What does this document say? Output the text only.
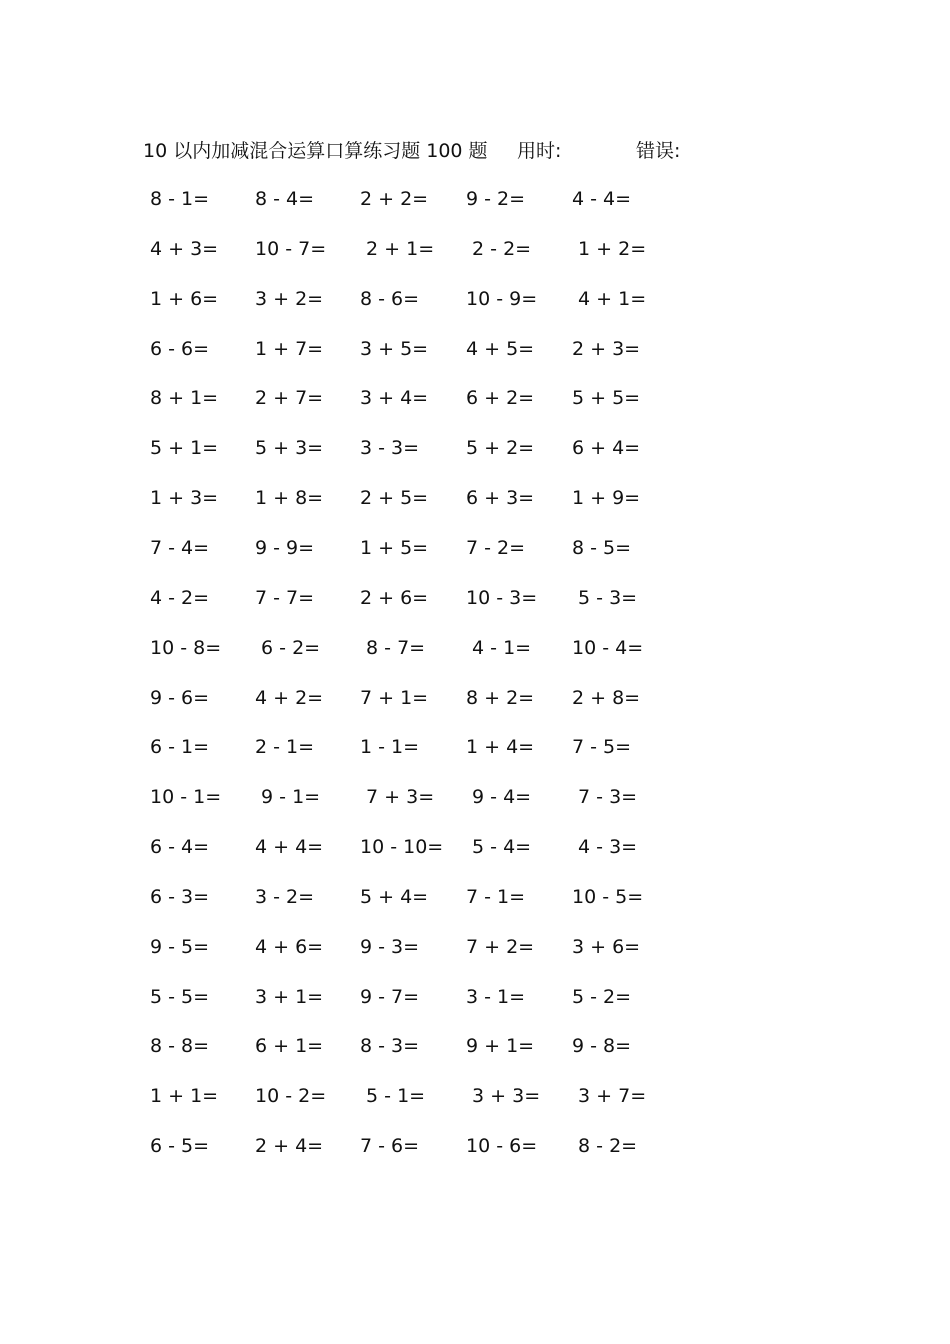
10 以内加减混合运算口算练习题 100 题 用时:	错误:
8 - 1= 8 - 4= 2 + 2= 9 - 2= 4 - 4=
4 + 3= 10 - 7= 2 + 1= 2 - 2= 1 + 2=
1 + 6= 3 + 2= 8 - 6= 10 - 9= 4 + 1=
6 - 6= 1 + 7= 3 + 5= 4 + 5= 2 + 3=
8 + 1= 2 + 7= 3 + 4= 6 + 2= 5 + 5=
5 + 1= 5 + 3= 3 - 3= 5 + 2= 6 + 4=
1 + 3= 1 + 8= 2 + 5= 6 + 3= 1 + 9=
7 - 4= 9 - 9= 1 + 5= 7 - 2= 8 - 5=
4 - 2= 7 - 7= 2 + 6= 10 - 3= 5 - 3=
10 - 8= 6 - 2= 8 - 7= 4 - 1= 10 - 4=
9 - 6= 4 + 2= 7 + 1= 8 + 2= 2 + 8=
6 - 1= 2 - 1= 1 - 1= 1 + 4= 7 - 5=
10 - 1= 9 - 1= 7 + 3= 9 - 4= 7 - 3=
6 - 4= 4 + 4= 10 - 10= 5 - 4= 4 - 3=
6 - 3= 3 - 2= 5 + 4= 7 - 1= 10 - 5=
9 - 5= 4 + 6= 9 - 3= 7 + 2= 3 + 6=
5 - 5= 3 + 1= 9 - 7= 3 - 1= 5 - 2=
8 - 8= 6 + 1= 8 - 3= 9 + 1= 9 - 8=
1 + 1= 10 - 2= 5 - 1= 3 + 3= 3 + 7=
6 - 5= 2 + 4= 7 - 6= 10 - 6= 8 - 2=
